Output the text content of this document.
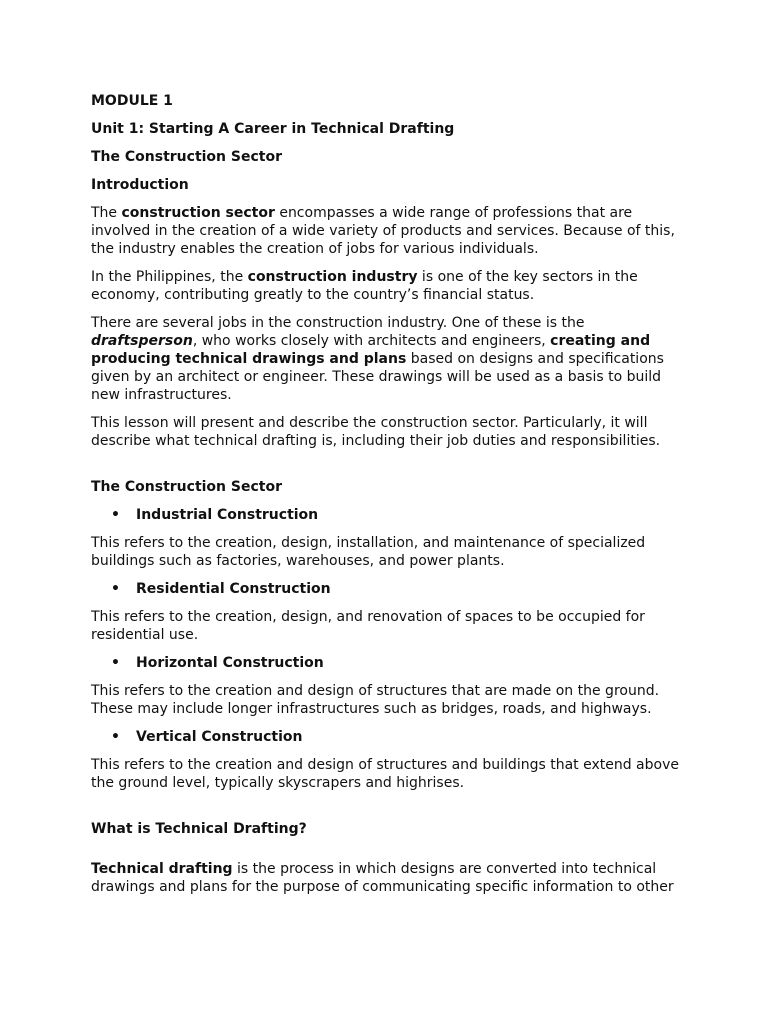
MODULE 1

Unit 1: Starting A Career in Technical Drafting

The Construction Sector

Introduction

The construction sector encompasses a wide range of professions that are involved in the creation of a wide variety of products and services. Because of this, the industry enables the creation of jobs for various individuals.

In the Philippines, the construction industry is one of the key sectors in the economy, contributing greatly to the country’s financial status.

There are several jobs in the construction industry. One of these is the draftsperson, who works closely with architects and engineers, creating and producing technical drawings and plans based on designs and specifications given by an architect or engineer. These drawings will be used as a basis to build new infrastructures.

This lesson will present and describe the construction sector. Particularly, it will describe what technical drafting is, including their job duties and responsibilities.

The Construction Sector

• Industrial Construction

This refers to the creation, design, installation, and maintenance of specialized buildings such as factories, warehouses, and power plants.

• Residential Construction

This refers to the creation, design, and renovation of spaces to be occupied for residential use.

• Horizontal Construction

This refers to the creation and design of structures that are made on the ground. These may include longer infrastructures such as bridges, roads, and highways.

• Vertical Construction

This refers to the creation and design of structures and buildings that extend above the ground level, typically skyscrapers and highrises.

What is Technical Drafting?

Technical drafting is the process in which designs are converted into technical drawings and plans for the purpose of communicating specific information to other
